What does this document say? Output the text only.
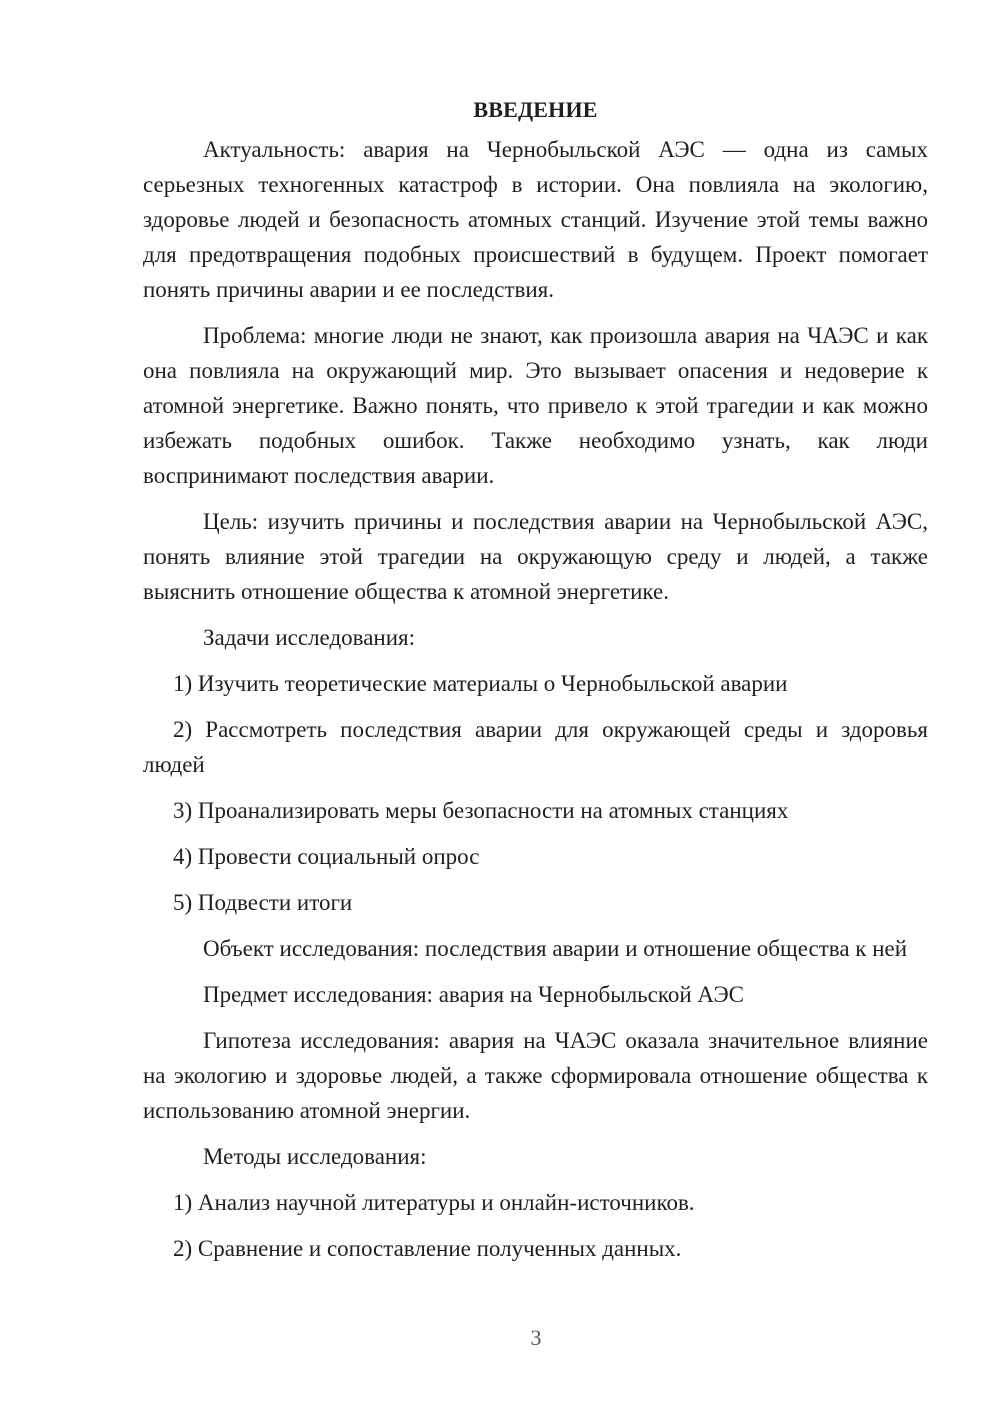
ВВЕДЕНИЕ

Актуальность: авария на Чернобыльской АЭС — одна из самых серьезных техногенных катастроф в истории. Она повлияла на экологию, здоровье людей и безопасность атомных станций. Изучение этой темы важно для предотвращения подобных происшествий в будущем. Проект помогает понять причины аварии и ее последствия.

Проблема: многие люди не знают, как произошла авария на ЧАЭС и как она повлияла на окружающий мир. Это вызывает опасения и недоверие к атомной энергетике. Важно понять, что привело к этой трагедии и как можно избежать подобных ошибок. Также необходимо узнать, как люди воспринимают последствия аварии.

Цель: изучить причины и последствия аварии на Чернобыльской АЭС, понять влияние этой трагедии на окружающую среду и людей, а также выяснить отношение общества к атомной энергетике.

Задачи исследования:

1) Изучить теоретические материалы о Чернобыльской аварии

2) Рассмотреть последствия аварии для окружающей среды и здоровья людей

3) Проанализировать меры безопасности на атомных станциях

4) Провести социальный опрос

5) Подвести итоги

Объект исследования: последствия аварии и отношение общества к ней

Предмет исследования: авария на Чернобыльской АЭС

Гипотеза исследования: авария на ЧАЭС оказала значительное влияние на экологию и здоровье людей, а также сформировала отношение общества к использованию атомной энергии.

Методы исследования:

1) Анализ научной литературы и онлайн-источников.

2) Сравнение и сопоставление полученных данных.

3
